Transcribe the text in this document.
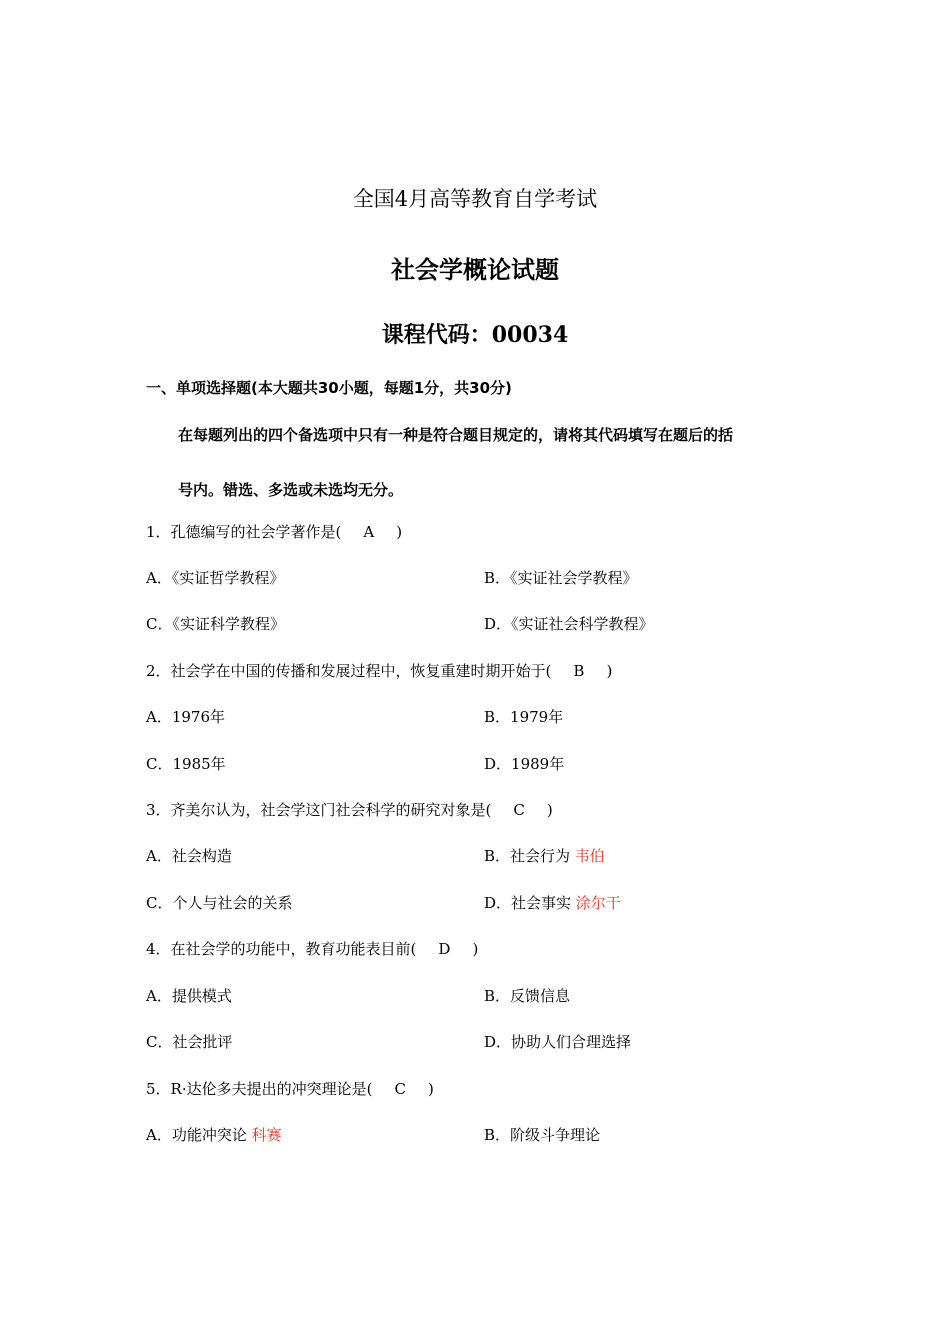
全国4月高等教育自学考试
社会学概论试题
课程代码：00034
一、单项选择题(本大题共30小题，每题1分，共30分)
在每题列出的四个备选项中只有一种是符合题目规定的，请将其代码填写在题后的括
号内。错选、多选或未选均无分。
1．孔德编写的社会学著作是( A )
A．《实证哲学教程》	B．《实证社会学教程》
C．《实证科学教程》	D．《实证社会科学教程》
2．社会学在中国的传播和发展过程中，恢复重建时期开始于( B )
A．1976年	B．1979年
C．1985年	D．1989年
3．齐美尔认为，社会学这门社会科学的研究对象是( C )
A．社会构造	B．社会行为 韦伯
C．个人与社会的关系	D．社会事实 涂尔干
4．在社会学的功能中，教育功能表目前( D )
A．提供模式	B．反馈信息
C．社会批评	D．协助人们合理选择
5．R·达伦多夫提出的冲突理论是( C )
A．功能冲突论 科赛	B．阶级斗争理论
